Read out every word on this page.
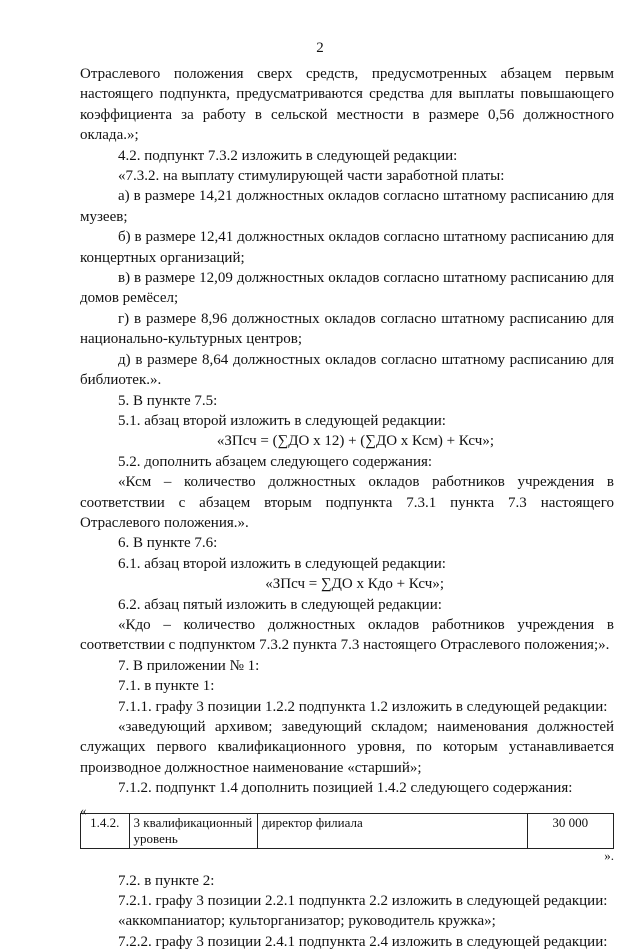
2

Отраслевого положения сверх средств, предусмотренных абзацем первым настоящего подпункта, предусматриваются средства для выплаты повышающего коэффициента за работу в сельской местности в размере 0,56 должностного оклада.»;

4.2. подпункт 7.3.2 изложить в следующей редакции:

«7.3.2. на выплату стимулирующей части заработной платы:

а) в размере 14,21 должностных окладов согласно штатному расписанию для музеев;

б) в размере 12,41 должностных окладов согласно штатному расписанию для концертных организаций;

в) в размере 12,09 должностных окладов согласно штатному расписанию для домов ремёсел;

г) в размере 8,96 должностных окладов согласно штатному расписанию для национально-культурных центров;

д) в размере 8,64 должностных окладов согласно штатному расписанию для библиотек.».

5. В пункте 7.5:

5.1. абзац второй изложить в следующей редакции:

«ЗПсч = (∑ДО х 12) + (∑ДО х Ксм) + Ксч»;

5.2. дополнить абзацем следующего содержания:

«Ксм – количество должностных окладов работников учреждения в соответствии с абзацем вторым подпункта 7.3.1 пункта 7.3 настоящего Отраслевого положения.».

6. В пункте 7.6:

6.1. абзац второй изложить в следующей редакции:

«ЗПсч = ∑ДО х Кдо + Ксч»;

6.2. абзац пятый изложить в следующей редакции:

«Кдо – количество должностных окладов работников учреждения в соответствии с подпунктом 7.3.2 пункта 7.3 настоящего Отраслевого положения;».

7. В приложении № 1:

7.1. в пункте 1:

7.1.1. графу 3 позиции 1.2.2 подпункта 1.2 изложить в следующей редакции:

«заведующий архивом; заведующий складом; наименования должностей служащих первого квалификационного уровня, по которым устанавливается производное должностное наименование «старший»;

7.1.2. подпункт 1.4 дополнить позицией 1.4.2 следующего содержания:

«
1.4.2.	3 квалификационный уровень	директор филиала	30 000
».

7.2. в пункте 2:

7.2.1. графу 3 позиции 2.2.1 подпункта 2.2 изложить в следующей редакции:

«аккомпаниатор; культорганизатор; руководитель кружка»;

7.2.2. графу 3 позиции 2.4.1 подпункта 2.4 изложить в следующей редакции:
